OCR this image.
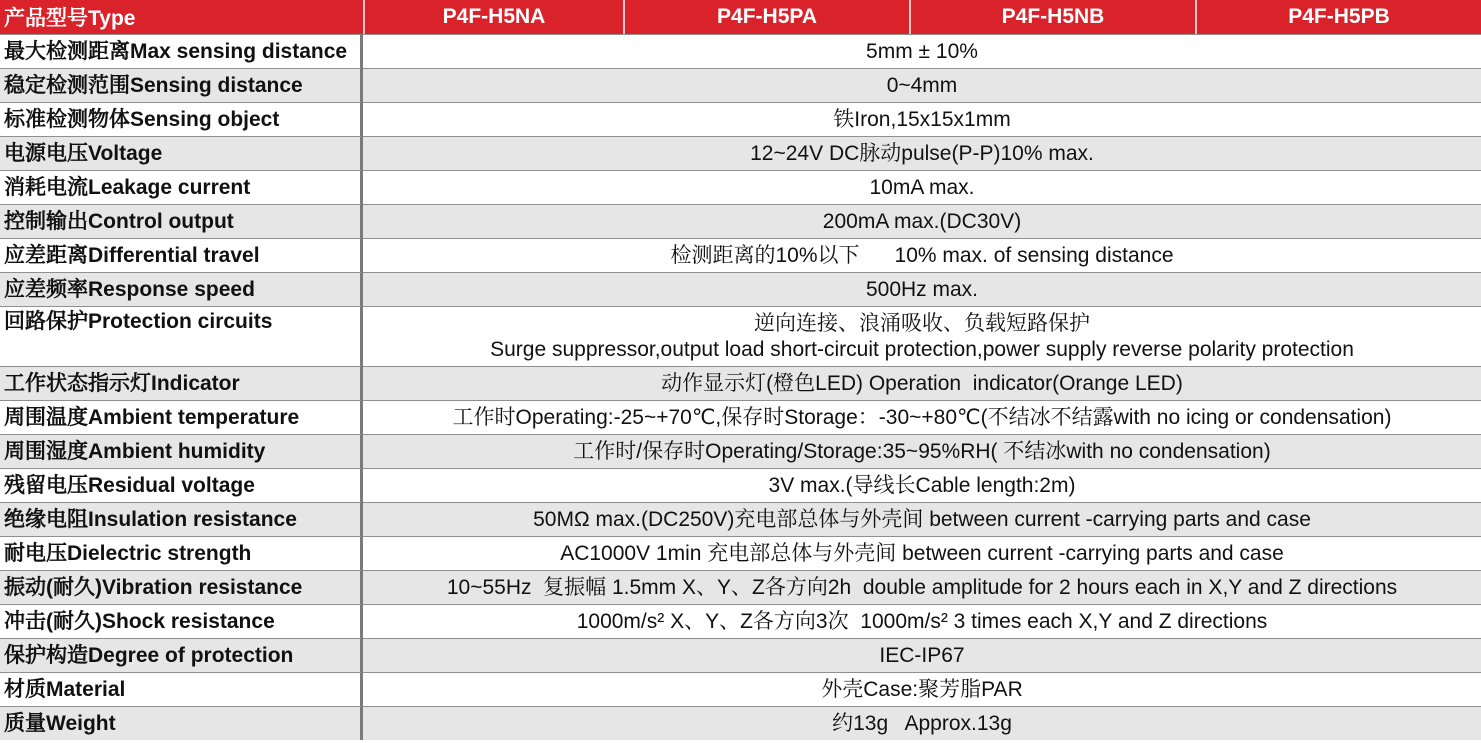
产品型号Type	P4F-H5NA	P4F-H5PA	P4F-H5NB	P4F-H5PB
最大检测距离Max sensing distance	5mm ± 10%
稳定检测范围Sensing distance	0~4mm
标准检测物体Sensing object	铁Iron,15x15x1mm
电源电压Voltage	12~24V DC脉动pulse(P-P)10% max.
消耗电流Leakage current	10mA max.
控制输出Control output	200mA max.(DC30V)
应差距离Differential travel	检测距离的10%以下      10% max. of sensing distance
应差频率Response speed	500Hz max.
回路保护Protection circuits	逆向连接、浪涌吸收、负载短路保护
Surge suppressor,output load short-circuit protection,power supply reverse polarity protection
工作状态指示灯Indicator	动作显示灯(橙色LED) Operation  indicator(Orange LED)
周围温度Ambient temperature	工作时Operating:-25~+70℃,保存时Storage：-30~+80℃(不结冰不结露with no icing or condensation)
周围湿度Ambient humidity	工作时/保存时Operating/Storage:35~95%RH( 不结冰with no condensation)
残留电压Residual voltage	3V max.(导线长Cable length:2m)
绝缘电阻Insulation resistance	50MΩ max.(DC250V)充电部总体与外壳间 between current -carrying parts and case
耐电压Dielectric strength	AC1000V 1min 充电部总体与外壳间 between current -carrying parts and case
振动(耐久)Vibration resistance	10~55Hz  复振幅 1.5mm X、Y、Z各方向2h  double amplitude for 2 hours each in X,Y and Z directions
冲击(耐久)Shock resistance	1000m/s² X、Y、Z各方向3次  1000m/s² 3 times each X,Y and Z directions
保护构造Degree of protection	IEC-IP67
材质Material	外壳Case:聚芳脂PAR
质量Weight	约13g   Approx.13g
